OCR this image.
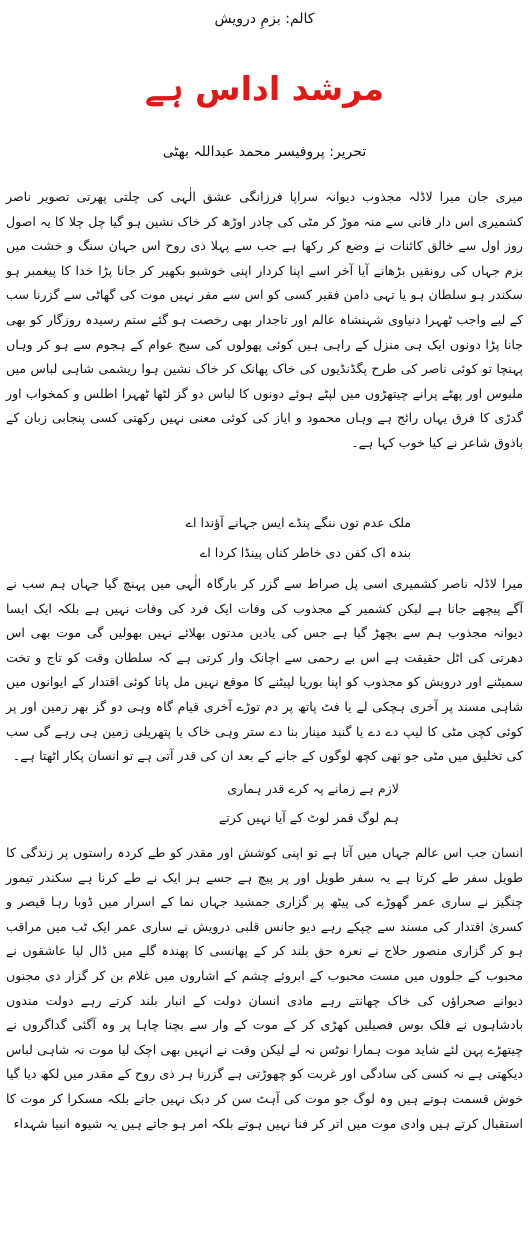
کالم: بزمِ درویش
مرشد اداس ہے
تحریر: پروفیسر محمد عبداللہ بھٹی

میری جان میرا لاڈلہ مجذوب دیوانہ سراپا فرزانگی عشق الٰہی کی چلتی پھرتی تصویر ناصر کشمیری اس دار فانی سے منہ موڑ کر مٹی کی چادر اوڑھ کر خاک نشین ہو گیا چل چلا کا یہ اصول روز اول سے خالق کائنات نے وضع کر رکھا ہے جب سے پہلا ذی روح اس جہان سنگ و خشت میں بزم جہاں کی رونقیں بڑھانے آیا آخر اسے اپنا کردار اپنی خوشبو بکھیر کر جانا پڑا خدا کا پیغمبر ہو سکندر ہو سلطان ہو یا تہی دامن فقیر کسی کو اس سے مفر نہیں موت کی گھاٹی سے گزرنا سب کے لیے واجب ٹھہرا دنیاوی شہنشاہ عالم اور تاجدار بھی رخصت ہو گئے ستم رسیدہ روزگار کو بھی جانا پڑا دونوں ایک ہی منزل کے راہی ہیں کوئی پھولوں کی سیج عوام کے ہجوم سے ہو کر وہاں پہنچا تو کوئی ناصر کی طرح پگڈنڈیوں کی خاک پھانک کر خاک نشین ہوا ریشمی شاہی لباس میں ملبوس اور پھٹے پرانے چیتھڑوں میں لپٹے ہوئے دونوں کا لباس دو گز لٹھا ٹھہرا اطلس و کمخواب اور گدڑی کا فرق یہاں رائج ہے وہاں محمود و ایاز کی کوئی معنی نہیں رکھتی کسی پنجابی زبان کے باذوق شاعر نے کیا خوب کہا ہے۔

ملک عدم توں ننگے پنڈے ایس جہانے آؤندا اے
بندہ اک کفن دی خاطر کناں پینڈا کردا اے

میرا لاڈلہ ناصر کشمیری اسی پل صراط سے گزر کر بارگاہ الٰہی میں پہنچ گیا جہاں ہم سب نے آگے پیچھے جانا ہے لیکن کشمیر کے مجذوب کی وفات ایک فرد کی وفات نہیں ہے بلکہ ایک ایسا دیوانہ مجذوب ہم سے بچھڑ گیا ہے جس کی یادیں مدتوں بھلائے نہیں بھولیں گی موت بھی اس دھرتی کی اٹل حقیقت ہے اس بے رحمی سے اچانک وار کرتی ہے کہ سلطان وقت کو تاج و تخت سمیٹنے اور درویش کو مجذوب کو اپنا بوریا لپیٹنے کا موقع نہیں مل پاتا کوئی اقتدار کے ایوانوں میں شاہی مسند پر آخری ہچکی لے یا فٹ پاتھ پر دم توڑے آخری قیام گاہ وہی دو گز بھر زمین اور پر کوئی کچی مٹی کا لیپ دے دے یا گنبد مینار بنا دے ستر وہی خاک یا پتھریلی زمین ہی رہے گی سب کی تخلیق میں مٹی جو تھی کچھ لوگوں کے جانے کے بعد ان کی قدر آتی ہے تو انسان پکار اٹھتا ہے۔

لازم ہے زمانے پہ کرے قدر ہماری
ہم لوگ قمر لوٹ کے آیا نہیں کرتے

انسان جب اس عالم جہاں میں آتا ہے تو اپنی کوشش اور مقدر کو طے کردہ راستوں پر زندگی کا طویل سفر طے کرتا ہے یہ سفر طویل اور پر پیچ ہے جسے ہر ایک نے طے کرنا ہے سکندر تیمور چنگیز نے ساری عمر گھوڑے کی پیٹھ پر گزاری جمشید جہاں نما کے اسرار میں ڈوبا رہا قیصر و کسریٰ اقتدار کی مسند سے چپکے رہے دیو جانس قلبی درویش نے ساری عمر ایک ٹب میں مراقب ہو کر گزاری منصور حلاج نے نعرہ حق بلند کر کے پھانسی کا پھندہ گلے میں ڈال لیا عاشقوں نے محبوب کے جلووں میں مست محبوب کے ابروئے چشم کے اشاروں میں غلام بن کر گزار دی مجنوں دیوانے صحراؤں کی خاک چھانتے رہے مادی انسان دولت کے انبار بلند کرتے رہے دولت مندوں بادشاہوں نے فلک بوس فصیلیں کھڑی کر کے موت کے وار سے بچنا چاہا پر وہ آگئی گداگروں نے چیتھڑے پہن لئے شاید موت ہمارا نوٹس نہ لے لیکن وقت نے انہیں بھی اچک لیا موت نہ شاہی لباس دیکھتی ہے نہ کسی کی سادگی اور غربت کو چھوڑتی ہے گزرنا ہر ذی روح کے مقدر میں لکھ دیا گیا خوش قسمت ہوتے ہیں وہ لوگ جو موت کی آہٹ سن کر دبک نہیں جاتے بلکہ مسکرا کر موت کا استقبال کرتے ہیں وادی موت میں اتر کر فنا نہیں ہوتے بلکہ امر ہو جاتے ہیں یہ شیوہ انبیا شہداء
